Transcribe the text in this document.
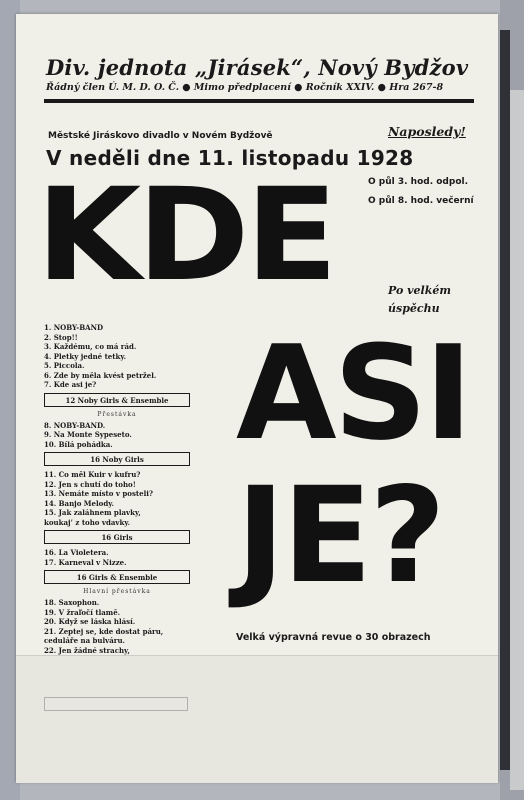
Div. jednota „Jirásek“, Nový Bydžov
Řádný člen Ú. M. D. O. Č. ● Mimo předplacení ● Ročník XXIV. ● Hra 267-8
Městské Jiráskovo divadlo v Novém Bydžově	Naposledy!
V neděli dne 11. listopadu 1928
O půl 3. hod. odpol.
O půl 8. hod. večerní
KDE
ASI
JE?
Po velkém
úspěchu
1. NOBY-BAND
2. Stop!!
3. Každému, co má rád.
4. Pletky jedné tetky.
5. Piccola.
6. Zde by měla kvést petržel.
7. Kde asi je?
12 Noby Girls & Ensemble
Přestávka
8. NOBY-BAND.
9. Na Monte Sypeseto.
10. Bílá pohádka.
16 Noby Girls
11. Co měl Kuir v kufru?
12. Jen s chutí do toho!
13. Nemáte místo v posteli?
14. Banjo Melody.
15. Jak zaláhnem plavky,
koukaj’ z toho vdavky.
16 Girls
16. La Violetera.
17. Karneval v Nizze.
16 Girls & Ensemble
Hlavní přestávka
18. Saxophon.
19. V žraľočí tlamě.
20. Když se láska hlásí.
21. Zeptej se, kde dostat páru,
ceduláře na bulváru.
22. Jen žádné strachy,
Velká výpravná revue o 30 obrazech
